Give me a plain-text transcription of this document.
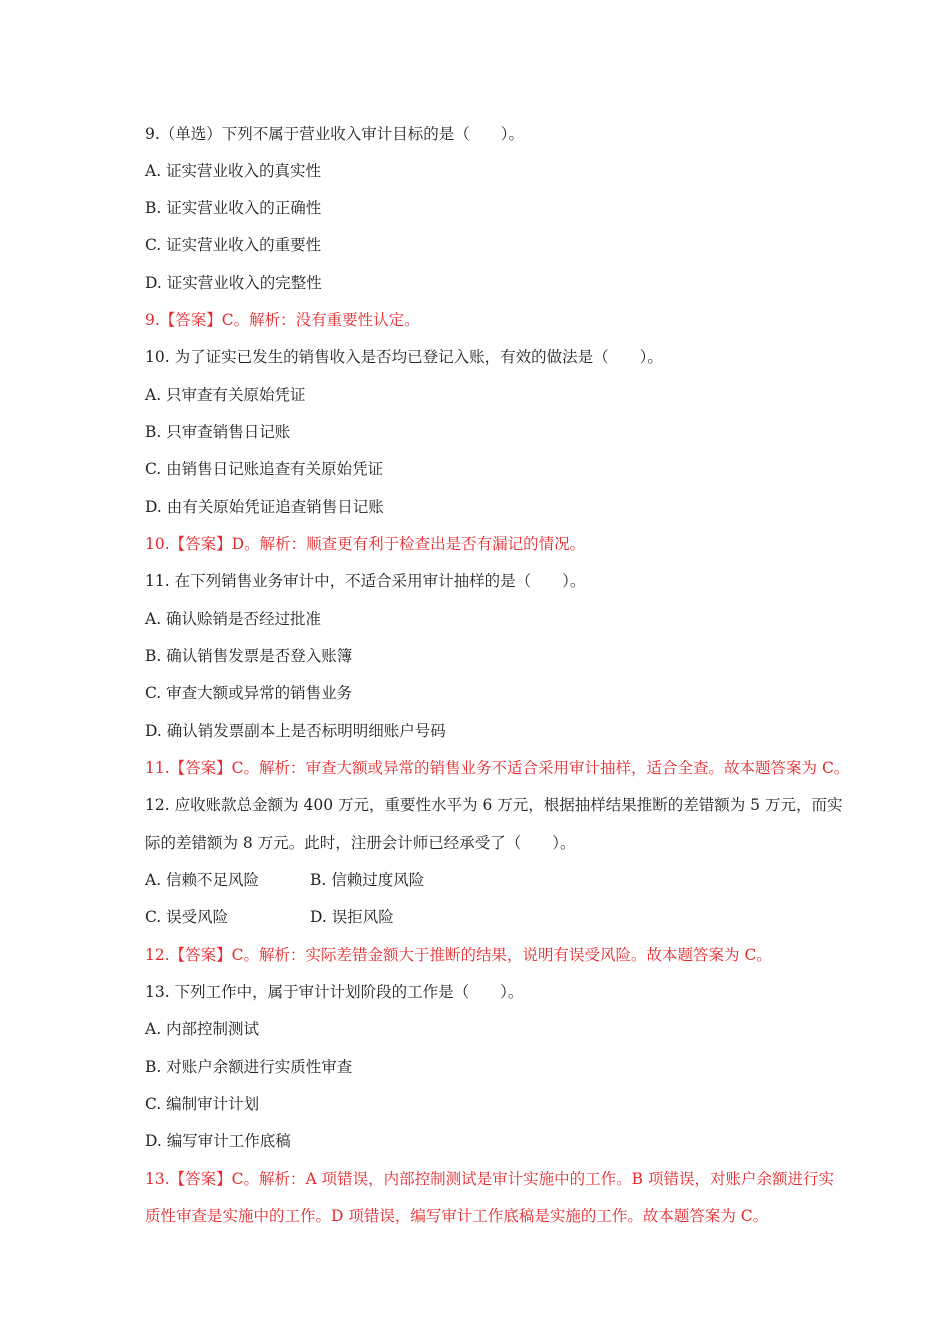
9.（单选）下列不属于营业收入审计目标的是（　　）。
A. 证实营业收入的真实性
B. 证实营业收入的正确性
C. 证实营业收入的重要性
D. 证实营业收入的完整性
9.【答案】C。解析：没有重要性认定。
10. 为了证实已发生的销售收入是否均已登记入账，有效的做法是（　　）。
A. 只审查有关原始凭证
B. 只审查销售日记账
C. 由销售日记账追查有关原始凭证
D. 由有关原始凭证追查销售日记账
10.【答案】D。解析：顺查更有利于检查出是否有漏记的情况。
11. 在下列销售业务审计中，不适合采用审计抽样的是（　　）。
A. 确认赊销是否经过批准
B. 确认销售发票是否登入账簿
C. 审查大额或异常的销售业务
D. 确认销发票副本上是否标明明细账户号码
11.【答案】C。解析：审查大额或异常的销售业务不适合采用审计抽样，适合全查。故本题答案为 C。
12. 应收账款总金额为 400 万元，重要性水平为 6 万元，根据抽样结果推断的差错额为 5 万元，而实
际的差错额为 8 万元。此时，注册会计师已经承受了（　　）。
A. 信赖不足风险	B. 信赖过度风险
C. 误受风险	D. 误拒风险
12.【答案】C。解析：实际差错金额大于推断的结果，说明有误受风险。故本题答案为 C。
13. 下列工作中，属于审计计划阶段的工作是（　　）。
A. 内部控制测试
B. 对账户余额进行实质性审查
C. 编制审计计划
D. 编写审计工作底稿
13.【答案】C。解析：A 项错误，内部控制测试是审计实施中的工作。B 项错误，对账户余额进行实
质性审查是实施中的工作。D 项错误，编写审计工作底稿是实施的工作。故本题答案为 C。
